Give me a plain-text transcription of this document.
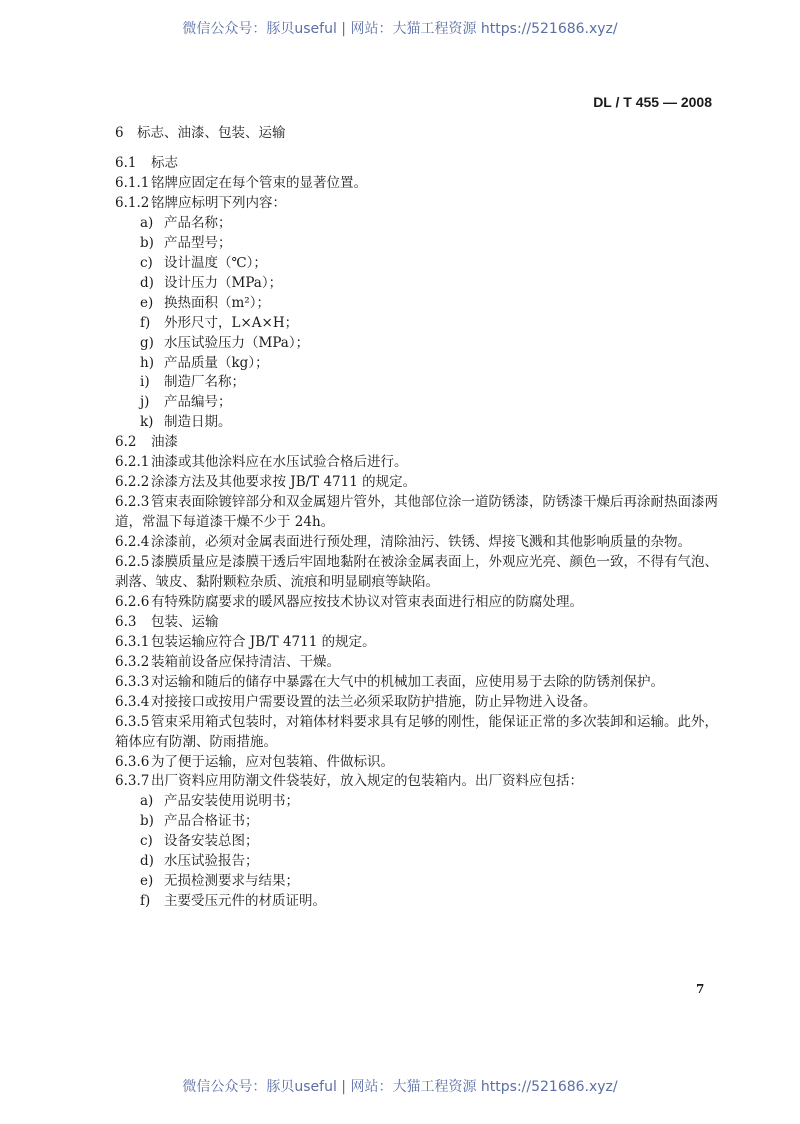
微信公众号：豚贝useful | 网站：大猫工程资源 https://521686.xyz/
DL / T 455 — 2008
6 标志、油漆、包装、运输
6.1 标志
6.1.1 铭牌应固定在每个管束的显著位置。
6.1.2 铭牌应标明下列内容：
a) 产品名称；
b) 产品型号；
c) 设计温度（℃）；
d) 设计压力（MPa）；
e) 换热面积（m²）；
f) 外形尺寸，L×A×H；
g) 水压试验压力（MPa）；
h) 产品质量（kg）；
i) 制造厂名称；
j) 产品编号；
k) 制造日期。
6.2 油漆
6.2.1 油漆或其他涂料应在水压试验合格后进行。
6.2.2 涂漆方法及其他要求按 JB/T 4711 的规定。
6.2.3 管束表面除镀锌部分和双金属翅片管外，其他部位涂一道防锈漆，防锈漆干燥后再涂耐热面漆两
道，常温下每道漆干燥不少于 24h。
6.2.4 涂漆前，必须对金属表面进行预处理，清除油污、铁锈、焊接飞溅和其他影响质量的杂物。
6.2.5 漆膜质量应是漆膜干透后牢固地黏附在被涂金属表面上，外观应光亮、颜色一致，不得有气泡、
剥落、皱皮、黏附颗粒杂质、流痕和明显刷痕等缺陷。
6.2.6 有特殊防腐要求的暖风器应按技术协议对管束表面进行相应的防腐处理。
6.3 包装、运输
6.3.1 包装运输应符合 JB/T 4711 的规定。
6.3.2 装箱前设备应保持清洁、干燥。
6.3.3 对运输和随后的储存中暴露在大气中的机械加工表面，应使用易于去除的防锈剂保护。
6.3.4 对接接口或按用户需要设置的法兰必须采取防护措施，防止异物进入设备。
6.3.5 管束采用箱式包装时，对箱体材料要求具有足够的刚性，能保证正常的多次装卸和运输。此外，
箱体应有防潮、防雨措施。
6.3.6 为了便于运输，应对包装箱、件做标识。
6.3.7 出厂资料应用防潮文件袋装好，放入规定的包装箱内。出厂资料应包括：
a) 产品安装使用说明书；
b) 产品合格证书；
c) 设备安装总图；
d) 水压试验报告；
e) 无损检测要求与结果；
f) 主要受压元件的材质证明。
7
微信公众号：豚贝useful | 网站：大猫工程资源 https://521686.xyz/
